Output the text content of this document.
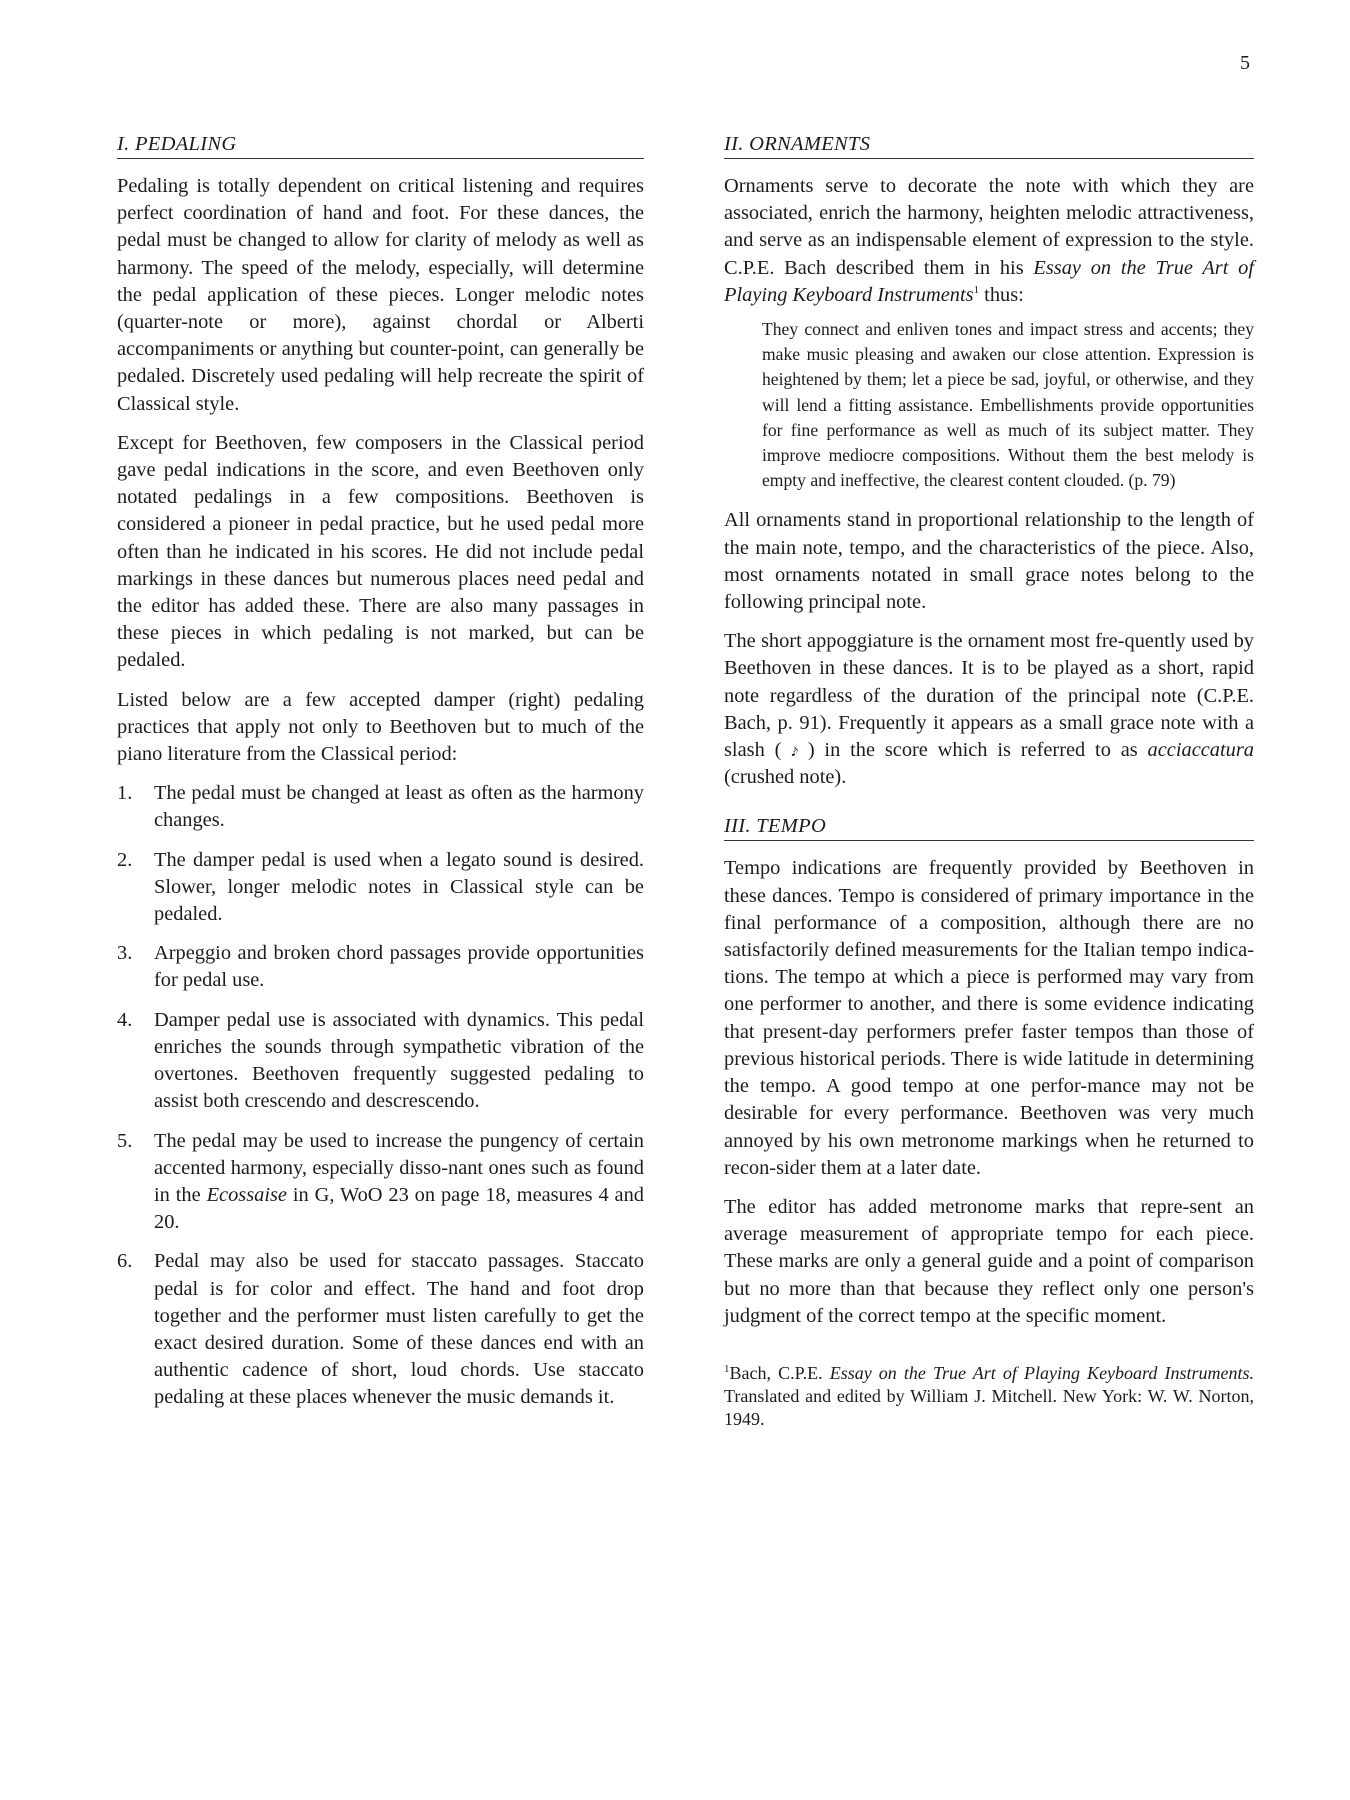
5
I. PEDALING

Pedaling is totally dependent on critical listening and requires perfect coordination of hand and foot. For these dances, the pedal must be changed to allow for clarity of melody as well as harmony. The speed of the melody, especially, will determine the pedal application of these pieces. Longer melodic notes (quarter-note or more), against chordal or Alberti accompaniments or anything but counter-point, can generally be pedaled. Discretely used pedaling will help recreate the spirit of Classical style.

Except for Beethoven, few composers in the Classical period gave pedal indications in the score, and even Beethoven only notated pedalings in a few compositions. Beethoven is considered a pioneer in pedal practice, but he used pedal more often than he indicated in his scores. He did not include pedal markings in these dances but numerous places need pedal and the editor has added these. There are also many passages in these pieces in which pedaling is not marked, but can be pedaled.

Listed below are a few accepted damper (right) pedaling practices that apply not only to Beethoven but to much of the piano literature from the Classical period:

1. The pedal must be changed at least as often as the harmony changes.
2. The damper pedal is used when a legato sound is desired. Slower, longer melodic notes in Classical style can be pedaled.
3. Arpeggio and broken chord passages provide opportunities for pedal use.
4. Damper pedal use is associated with dynamics. This pedal enriches the sounds through sympathetic vibration of the overtones. Beethoven frequently suggested pedaling to assist both crescendo and descrescendo.
5. The pedal may be used to increase the pungency of certain accented harmony, especially disso-nant ones such as found in the Ecossaise in G, WoO 23 on page 18, measures 4 and 20.
6. Pedal may also be used for staccato passages. Staccato pedal is for color and effect. The hand and foot drop together and the performer must listen carefully to get the exact desired duration. Some of these dances end with an authentic cadence of short, loud chords. Use staccato pedaling at these places whenever the music demands it.
II. ORNAMENTS

Ornaments serve to decorate the note with which they are associated, enrich the harmony, heighten melodic attractiveness, and serve as an indispensable element of expression to the style. C.P.E. Bach described them in his Essay on the True Art of Playing Keyboard Instruments$^1$ thus:

They connect and enliven tones and impact stress and accents; they make music pleasing and awaken our close attention. Expression is heightened by them; let a piece be sad, joyful, or otherwise, and they will lend a fitting assistance. Embellishments provide opportunities for fine performance as well as much of its subject matter. They improve mediocre compositions. Without them the best melody is empty and ineffective, the clearest content clouded. (p. 79)

All ornaments stand in proportional relationship to the length of the main note, tempo, and the characteristics of the piece. Also, most ornaments notated in small grace notes belong to the following principal note.

The short appoggiature is the ornament most fre-quently used by Beethoven in these dances. It is to be played as a short, rapid note regardless of the duration of the principal note (C.P.E. Bach, p. 91). Frequently it appears as a small grace note with a slash ( 𝆔 ) in the score which is referred to as acciaccatura (crushed note).

III. TEMPO

Tempo indications are frequently provided by Beethoven in these dances. Tempo is considered of primary importance in the final performance of a composition, although there are no satisfactorily defined measurements for the Italian tempo indica-tions. The tempo at which a piece is performed may vary from one performer to another, and there is some evidence indicating that present-day performers prefer faster tempos than those of previous historical periods. There is wide latitude in determining the tempo. A good tempo at one perfor-mance may not be desirable for every performance. Beethoven was very much annoyed by his own metronome markings when he returned to recon-sider them at a later date.

The editor has added metronome marks that repre-sent an average measurement of appropriate tempo for each piece. These marks are only a general guide and a point of comparison but no more than that because they reflect only one person's judgment of the correct tempo at the specific moment.

$^1$Bach, C.P.E. Essay on the True Art of Playing Keyboard Instruments. Translated and edited by William J. Mitchell. New York: W. W. Norton, 1949.
